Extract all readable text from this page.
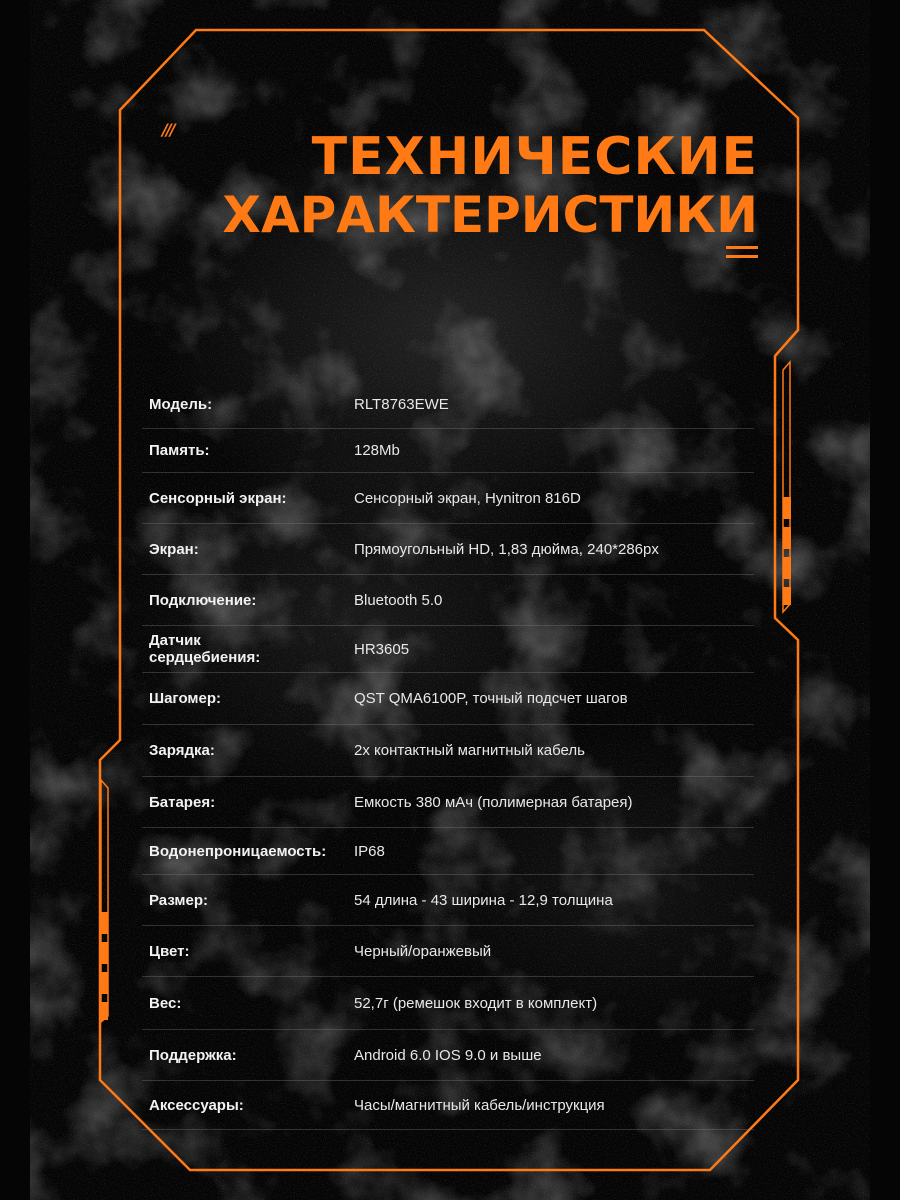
///	ТЕХНИЧЕСКИЕ
ХАРАКТЕРИСТИКИ
Модель:	RLT8763EWE
Память:	128Mb
Сенсорный экран:	Сенсорный экран, Hynitron 816D
Экран:	Прямоугольный HD, 1,83 дюйма, 240*286px
Подключение:	Bluetooth 5.0
Датчик сердцебиения:	HR3605
Шагомер:	QST QMA6100P, точный подсчет шагов
Зарядка:	2x контактный магнитный кабель
Батарея:	Емкость 380 мАч (полимерная батарея)
Водонепроницаемость:	IP68
Размер:	54 длина - 43 ширина - 12,9 толщина
Цвет:	Черный/оранжевый
Вес:	52,7г (ремешок входит в комплект)
Поддержка:	Android 6.0 IOS 9.0 и выше
Аксессуары:	Часы/магнитный кабель/инструкция
